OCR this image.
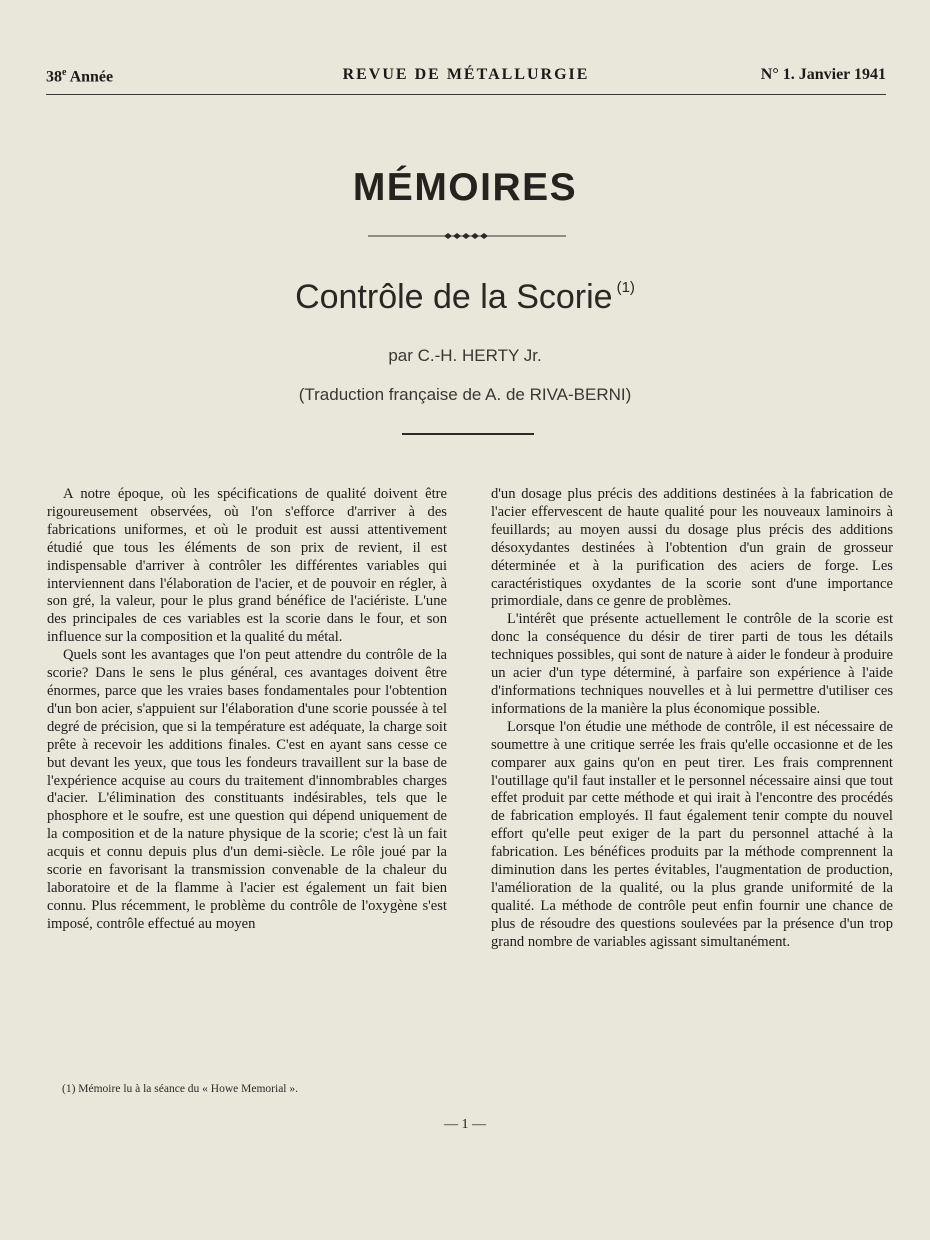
38e Année	REVUE DE MÉTALLURGIE	N° 1. Janvier 1941
MÉMOIRES
Contrôle de la Scorie $^{(1)}$
par C.-H. HERTY Jr.
(Traduction française de A. de RIVA-BERNI)

A notre époque, où les spécifications de qualité doivent être rigoureusement observées, où l'on s'efforce d'arriver à des fabrications uniformes, et où le produit est aussi attentivement étudié que tous les éléments de son prix de revient, il est indispensable d'arriver à contrôler les différentes variables qui interviennent dans l'élaboration de l'acier, et de pouvoir en régler, à son gré, la valeur, pour le plus grand bénéfice de l'aciériste. L'une des principales de ces variables est la scorie dans le four, et son influence sur la composition et la qualité du métal.

Quels sont les avantages que l'on peut attendre du contrôle de la scorie? Dans le sens le plus général, ces avantages doivent être énormes, parce que les vraies bases fondamentales pour l'obtention d'un bon acier, s'appuient sur l'élaboration d'une scorie poussée à tel degré de précision, que si la température est adéquate, la charge soit prête à recevoir les additions finales. C'est en ayant sans cesse ce but devant les yeux, que tous les fondeurs travaillent sur la base de l'expérience acquise au cours du traitement d'innombrables charges d'acier. L'élimination des constituants indésirables, tels que le phosphore et le soufre, est une question qui dépend uniquement de la composition et de la nature physique de la scorie; c'est là un fait acquis et connu depuis plus d'un demi-siècle. Le rôle joué par la scorie en favorisant la transmission convenable de la chaleur du laboratoire et de la flamme à l'acier est également un fait bien connu. Plus récemment, le problème du contrôle de l'oxygène s'est imposé, contrôle effectué au moyen

d'un dosage plus précis des additions destinées à la fabrication de l'acier effervescent de haute qualité pour les nouveaux laminoirs à feuillards; au moyen aussi du dosage plus précis des additions désoxydantes destinées à l'obtention d'un grain de grosseur déterminée et à la purification des aciers de forge. Les caractéristiques oxydantes de la scorie sont d'une importance primordiale, dans ce genre de problèmes.

L'intérêt que présente actuellement le contrôle de la scorie est donc la conséquence du désir de tirer parti de tous les détails techniques possibles, qui sont de nature à aider le fondeur à produire un acier d'un type déterminé, à parfaire son expérience à l'aide d'informations techniques nouvelles et à lui permettre d'utiliser ces informations de la manière la plus économique possible.

Lorsque l'on étudie une méthode de contrôle, il est nécessaire de soumettre à une critique serrée les frais qu'elle occasionne et de les comparer aux gains qu'on en peut tirer. Les frais comprennent l'outillage qu'il faut installer et le personnel nécessaire ainsi que tout effet produit par cette méthode et qui irait à l'encontre des procédés de fabrication employés. Il faut également tenir compte du nouvel effort qu'elle peut exiger de la part du personnel attaché à la fabrication. Les bénéfices produits par la méthode comprennent la diminution dans les pertes évitables, l'augmentation de production, l'amélioration de la qualité, ou la plus grande uniformité de la qualité. La méthode de contrôle peut enfin fournir une chance de plus de résoudre des questions soulevées par la présence d'un trop grand nombre de variables agissant simultanément.

(1) Mémoire lu à la séance du « Howe Memorial ».
— 1 —
